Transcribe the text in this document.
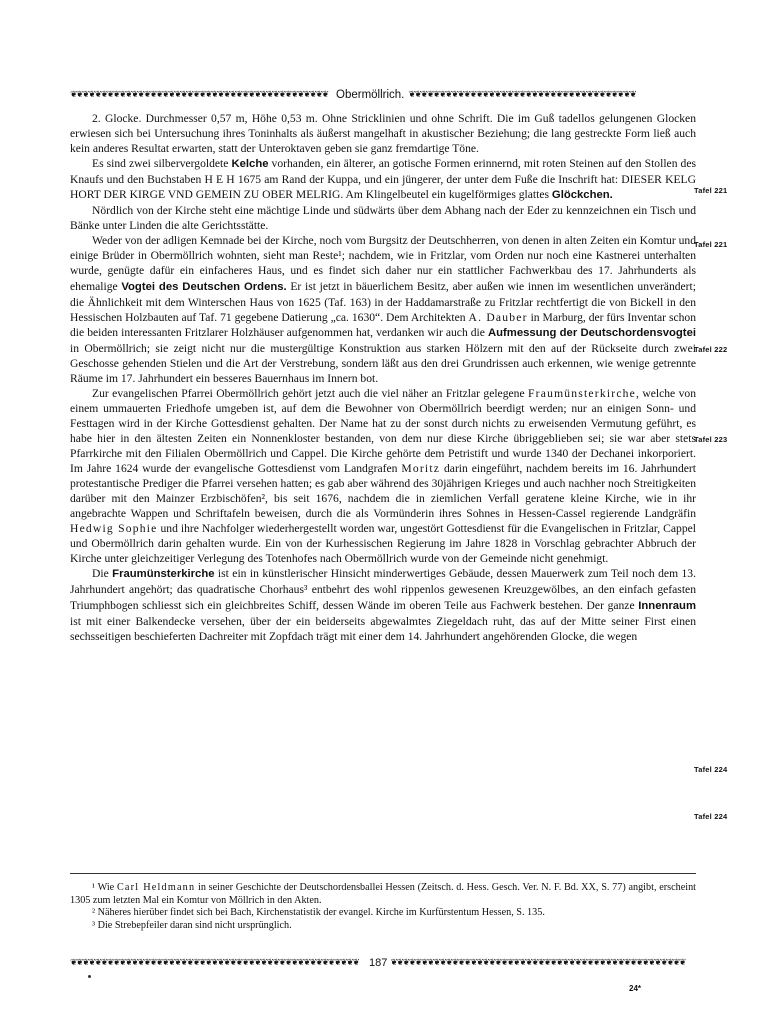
❦❦❦❦❦❦❦❦❦❦❦❦❦❦❦❦❦❦❦❦❦❦❦❦❦❦❦❦❦❦❦❦❦❦❦❦❦❦❦❦❦❦ Obermöllrich. ❦❦❦❦❦❦❦❦❦❦❦❦❦❦❦❦❦❦❦❦❦❦❦❦❦❦❦❦❦❦❦❦❦❦❦❦❦

2. Glocke. Durchmesser 0,57 m, Höhe 0,53 m. Ohne Stricklinien und ohne Schrift. Die im Guß tadellos gelungenen Glocken erwiesen sich bei Untersuchung ihres Toninhalts als äußerst mangelhaft in akustischer Beziehung; die lang gestreckte Form ließ auch kein anderes Resultat erwarten, statt der Unteroktaven geben sie ganz fremdartige Töne.

Es sind zwei silbervergoldete Kelche vorhanden, ein älterer, an gotische Formen erinnernd, mit roten Steinen auf den Stollen des Knaufs und den Buchstaben H E H 1675 am Rand der Kuppa, und ein jüngerer, der unter dem Fuße die Inschrift hat: DIESER KELG HORT DER KIRGE VND GEMEIN ZU OBER MELRIG. Am Klingelbeutel ein kugelförmiges glattes Glöckchen.

Nördlich von der Kirche steht eine mächtige Linde und südwärts über dem Abhang nach der Eder zu kennzeichnen ein Tisch und Bänke unter Linden die alte Gerichtsstätte.

Weder von der adligen Kemnade bei der Kirche, noch vom Burgsitz der Deutschherren, von denen in alten Zeiten ein Komtur und einige Brüder in Obermöllrich wohnten, sieht man Reste¹; nachdem, wie in Fritzlar, vom Orden nur noch eine Kastnerei unterhalten wurde, genügte dafür ein einfacheres Haus, und es findet sich daher nur ein stattlicher Fachwerkbau des 17. Jahrhunderts als ehemalige Vogtei des Deutschen Ordens. Er ist jetzt in bäuerlichem Besitz, aber außen wie innen im wesentlichen unverändert; die Ähnlichkeit mit dem Winterschen Haus von 1625 (Taf. 163) in der Haddamarstraße zu Fritzlar rechtfertigt die von Bickell in den Hessischen Holzbauten auf Taf. 71 gegebene Datierung „ca. 1630“. Dem Architekten A. Dauber in Marburg, der fürs Inventar schon die beiden interessanten Fritzlarer Holzhäuser aufgenommen hat, verdanken wir auch die Aufmessung der Deutschordensvogtei in Obermöllrich; sie zeigt nicht nur die mustergültige Konstruktion aus starken Hölzern mit den auf der Rückseite durch zwei Geschosse gehenden Stielen und die Art der Verstrebung, sondern läßt aus den drei Grundrissen auch erkennen, wie wenige getrennte Räume im 17. Jahrhundert ein besseres Bauernhaus im Innern bot.

Zur evangelischen Pfarrei Obermöllrich gehört jetzt auch die viel näher an Fritzlar gelegene Fraumünsterkirche, welche von einem ummauerten Friedhofe umgeben ist, auf dem die Bewohner von Obermöllrich beerdigt werden; nur an einigen Sonn- und Festtagen wird in der Kirche Gottesdienst gehalten. Der Name hat zu der sonst durch nichts zu erweisenden Vermutung geführt, es habe hier in den ältesten Zeiten ein Nonnenkloster bestanden, von dem nur diese Kirche übriggeblieben sei; sie war aber stets Pfarrkirche mit den Filialen Obermöllrich und Cappel. Die Kirche gehörte dem Petristift und wurde 1340 der Dechanei inkorporiert. Im Jahre 1624 wurde der evangelische Gottesdienst vom Landgrafen Moritz darin eingeführt, nachdem bereits im 16. Jahrhundert protestantische Prediger die Pfarrei versehen hatten; es gab aber während des 30jährigen Krieges und auch nachher noch Streitigkeiten darüber mit den Mainzer Erzbischöfen², bis seit 1676, nachdem die in ziemlichen Verfall geratene kleine Kirche, wie in ihr angebrachte Wappen und Schriftafeln beweisen, durch die als Vormünderin ihres Sohnes in Hessen-Cassel regierende Landgräfin Hedwig Sophie und ihre Nachfolger wiederhergestellt worden war, ungestört Gottesdienst für die Evangelischen in Fritzlar, Cappel und Obermöllrich darin gehalten wurde. Ein von der Kurhessischen Regierung im Jahre 1828 in Vorschlag gebrachter Abbruch der Kirche unter gleichzeitiger Verlegung des Totenhofes nach Obermöllrich wurde von der Gemeinde nicht genehmigt.

Die Fraumünsterkirche ist ein in künstlerischer Hinsicht minderwertiges Gebäude, dessen Mauerwerk zum Teil noch dem 13. Jahrhundert angehört; das quadratische Chorhaus³ entbehrt des wohl rippenlos gewesenen Kreuzgewölbes, an den einfach gefasten Triumphbogen schliesst sich ein gleichbreites Schiff, dessen Wände im oberen Teile aus Fachwerk bestehen. Der ganze Innenraum ist mit einer Balkendecke versehen, über der ein beiderseits abgewalmtes Ziegeldach ruht, das auf der Mitte seiner First einen sechsseitigen beschieferten Dachreiter mit Zopfdach trägt mit einer dem 14. Jahrhundert angehörenden Glocke, die wegen

Tafel 221
Tafel 221
Tafel 222
Tafel 223
Tafel 224
Tafel 224

¹ Wie Carl Heldmann in seiner Geschichte der Deutschordensballei Hessen (Zeitsch. d. Hess. Gesch. Ver. N. F. Bd. XX, S. 77) angibt, erscheint 1305 zum letzten Mal ein Komtur von Möllrich in den Akten.

² Näheres hierüber findet sich bei Bach, Kirchenstatistik der evangel. Kirche im Kurfürstentum Hessen, S. 135.

³ Die Strebepfeiler daran sind nicht ursprünglich.

❦❦❦❦❦❦❦❦❦❦❦❦❦❦❦❦❦❦❦❦❦❦❦❦❦❦❦❦❦❦❦❦❦❦❦❦❦❦❦❦❦❦❦❦❦❦❦ 187 ❦❦❦❦❦❦❦❦❦❦❦❦❦❦❦❦❦❦❦❦❦❦❦❦❦❦❦❦❦❦❦❦❦❦❦❦❦❦❦❦❦❦❦❦❦❦❦❦
24*
